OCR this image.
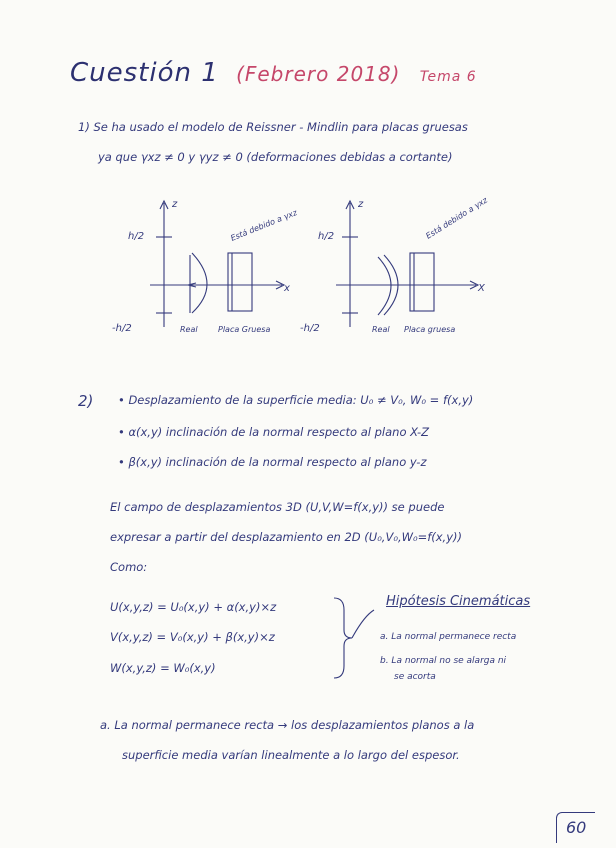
Cuestión 1 (Febrero 2018) Tema 6
1) Se ha usado el modelo de Reissner - Mindlin para placas gruesas
ya que γxz ≠ 0 y γyz ≠ 0 (deformaciones debidas a cortante)
z
x
h/2
-h/2
Está debido a γxz
Real	Placa Gruesa
z
X
h/2
-h/2
Está debido a γxz
Real Placa gruesa
2) • Desplazamiento de la superficie media: U₀ ≠ V₀, W₀ = f(x,y)
• α(x,y) inclinación de la normal respecto al plano X-Z
• β(x,y) inclinación de la normal respecto al plano y-z
El campo de desplazamientos 3D (U,V,W=f(x,y)) se puede
expresar a partir del desplazamiento en 2D (U₀,V₀,W₀=f(x,y))
Como:
U(x,y,z) = U₀(x,y) + α(x,y)×z
V(x,y,z) = V₀(x,y) + β(x,y)×z
W(x,y,z) = W₀(x,y)
Hipótesis Cinemáticas
a. La normal permanece recta
b. La normal no se alarga ni
se acorta
a. La normal permanece recta → los desplazamientos planos a la
superficie media varían linealmente a lo largo del espesor.
60
